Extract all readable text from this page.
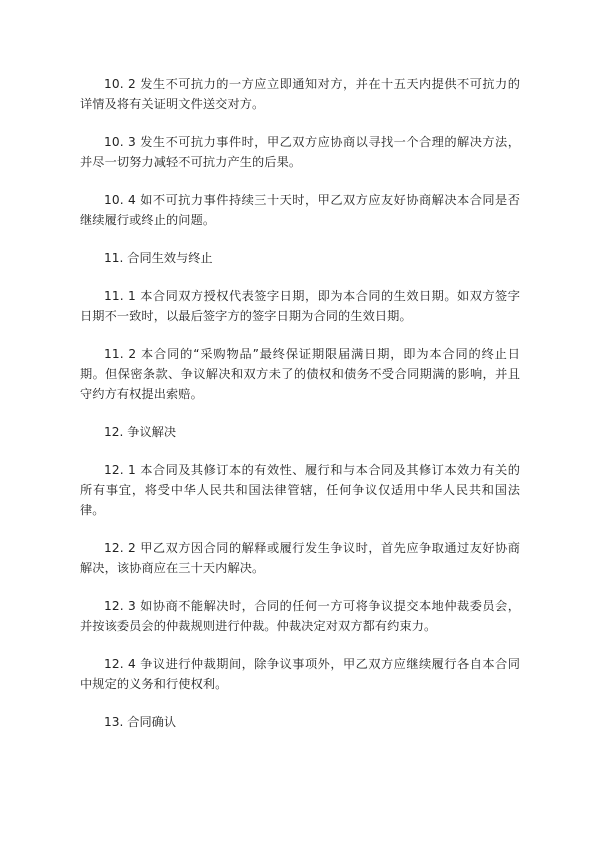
10. 2 发生不可抗力的一方应立即通知对方，并在十五天内提供不可抗力的详情及将有关证明文件送交对方。

10. 3 发生不可抗力事件时，甲乙双方应协商以寻找一个合理的解决方法，并尽一切努力减轻不可抗力产生的后果。

10. 4 如不可抗力事件持续三十天时，甲乙双方应友好协商解决本合同是否继续履行或终止的问题。

11. 合同生效与终止

11. 1 本合同双方授权代表签字日期，即为本合同的生效日期。如双方签字日期不一致时，以最后签字方的签字日期为合同的生效日期。

11. 2 本合同的“采购物品”最终保证期限届满日期，即为本合同的终止日期。但保密条款、争议解决和双方未了的债权和债务不受合同期满的影响，并且守约方有权提出索赔。

12. 争议解决

12. 1 本合同及其修订本的有效性、履行和与本合同及其修订本效力有关的所有事宜，将受中华人民共和国法律管辖，任何争议仅适用中华人民共和国法律。

12. 2 甲乙双方因合同的解释或履行发生争议时，首先应争取通过友好协商解决，该协商应在三十天内解决。

12. 3 如协商不能解决时，合同的任何一方可将争议提交本地仲裁委员会，并按该委员会的仲裁规则进行仲裁。仲裁决定对双方都有约束力。

12. 4 争议进行仲裁期间，除争议事项外，甲乙双方应继续履行各自本合同中规定的义务和行使权利。

13. 合同确认
